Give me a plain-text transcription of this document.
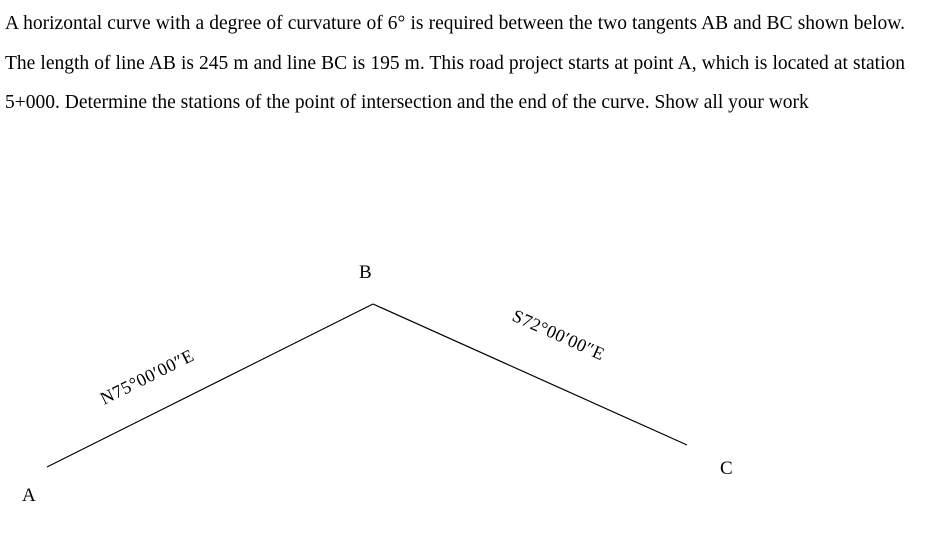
A horizontal curve with a degree of curvature of 6° is required between the two tangents AB and BC shown below. The length of line AB is 245 m and line BC is 195 m. This road project starts at point A, which is located at station 5+000. Determine the stations of the point of intersection and the end of the curve. Show all your work

A
B
C
N75°00′00″E
S72°00′00″E
